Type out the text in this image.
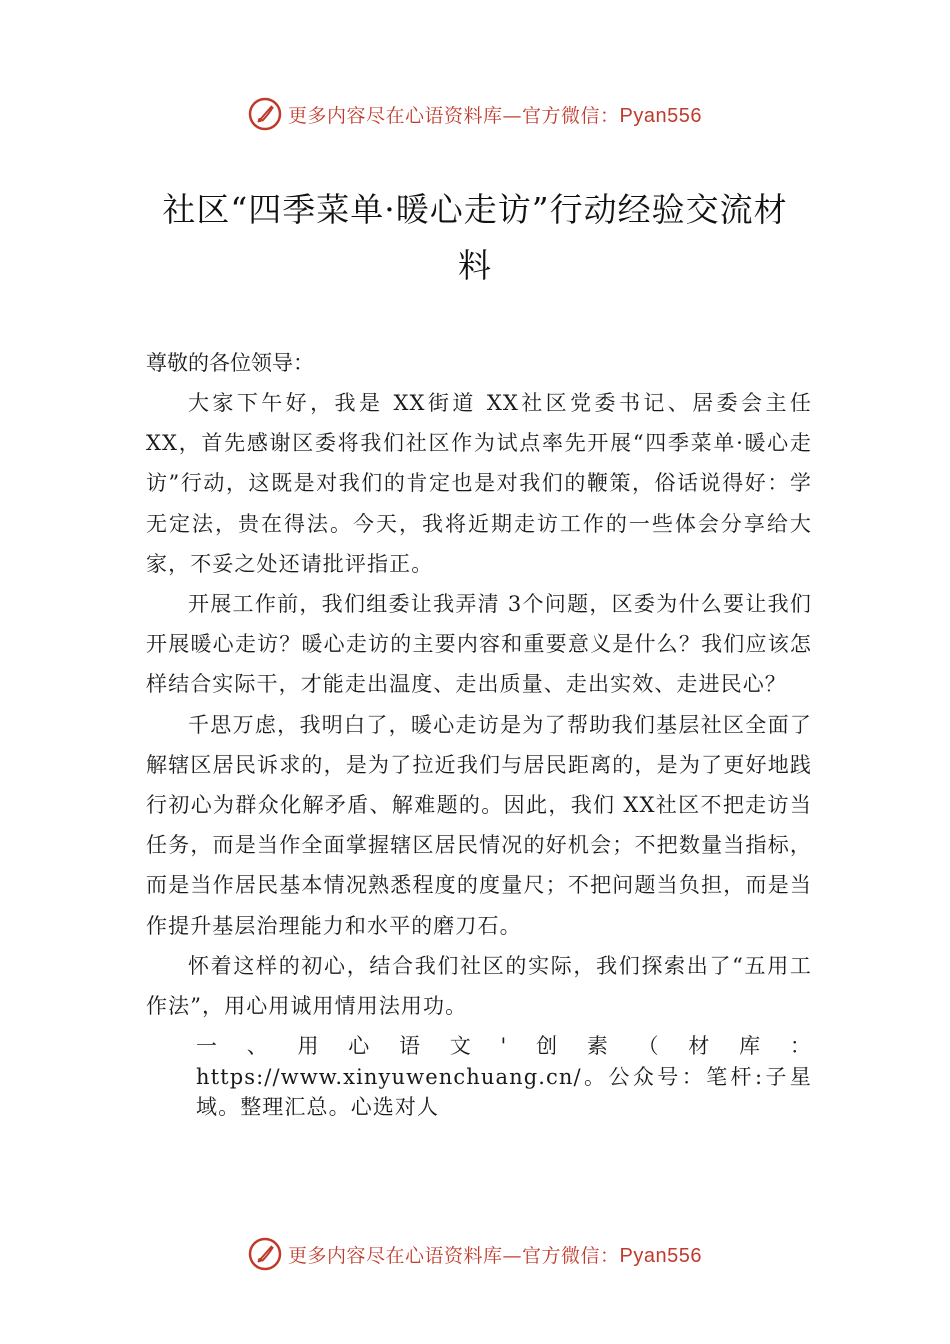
更多内容尽在心语资料库—官方微信：Pyan556
社区“四季菜单·暖心走访”行动经验交流材
料
尊敬的各位领导：

大家下午好，我是 XX街道 XX社区党委书记、居委会主任 XX，首先感谢区委将我们社区作为试点率先开展“四季菜单·暖心走访”行动，这既是对我们的肯定也是对我们的鞭策，俗话说得好：学无定法，贵在得法。今天，我将近期走访工作的一些体会分享给大家，不妥之处还请批评指正。

开展工作前，我们组委让我弄清 3个问题，区委为什么要让我们开展暖心走访？暖心走访的主要内容和重要意义是什么？我们应该怎样结合实际干，才能走出温度、走出质量、走出实效、走进民心？

千思万虑，我明白了，暖心走访是为了帮助我们基层社区全面了解辖区居民诉求的，是为了拉近我们与居民距离的，是为了更好地践行初心为群众化解矛盾、解难题的。因此，我们 XX社区不把走访当任务，而是当作全面掌握辖区居民情况的好机会；不把数量当指标，而是当作居民基本情况熟悉程度的度量尺；不把问题当负担，而是当作提升基层治理能力和水平的磨刀石。

怀着这样的初心，结合我们社区的实际，我们探索出了“五用工作法”，用心用诚用情用法用功。

一、用心语文'创素（材库：https://www.xinyuwenchuang.cn/。公众号：笔杆:子星域。整理汇总。心选对人

更多内容尽在心语资料库—官方微信：Pyan556
